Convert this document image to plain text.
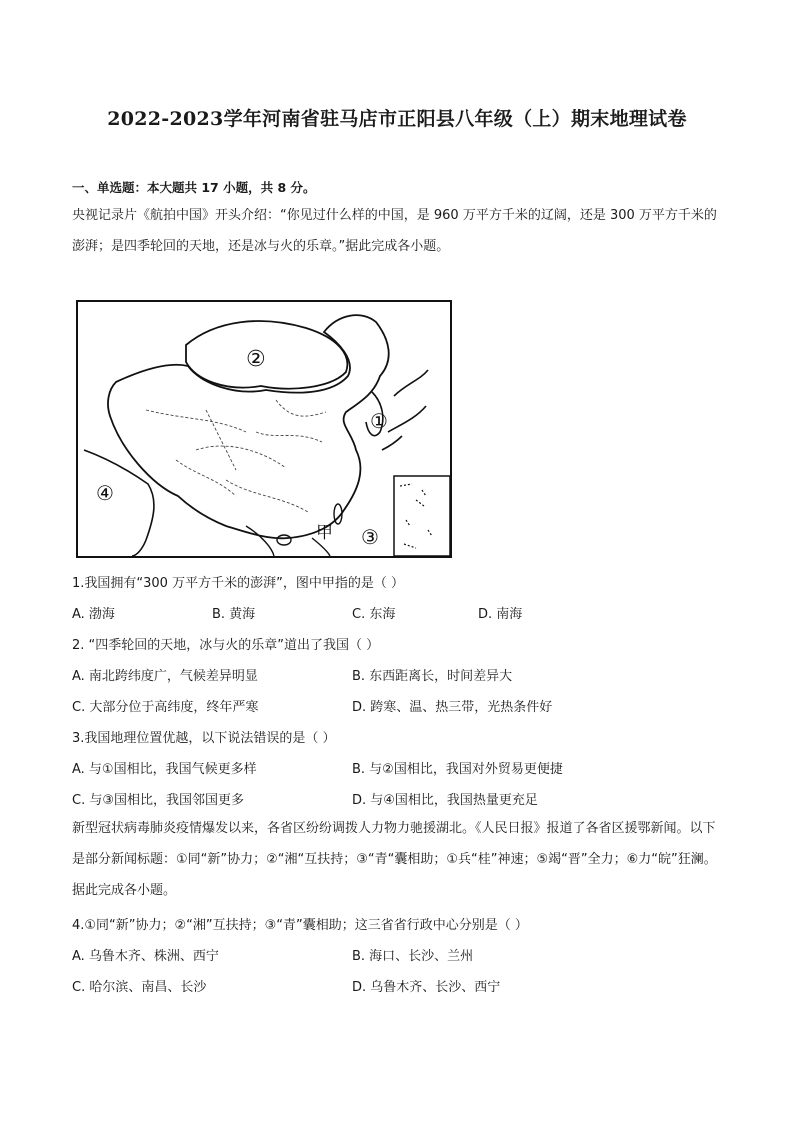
2022-2023学年河南省驻马店市正阳县八年级（上）期末地理试卷
一、单选题：本大题共 17 小题，共 8 分。
央视记录片《航拍中国》开头介绍：“你见过什么样的中国，是 960 万平方千米的辽阔，还是 300 万平方千米的澎湃；是四季轮回的天地，还是冰与火的乐章。”据此完成各小题。
②
①
④
③
甲
1.我国拥有“300 万平方千米的澎湃”，图中甲指的是（ ）
A. 渤海	B. 黄海	C. 东海	D. 南海
2. “四季轮回的天地，冰与火的乐章”道出了我国（ ）
A. 南北跨纬度广，气候差异明显	B. 东西距离长，时间差异大
C. 大部分位于高纬度，终年严寒	D. 跨寒、温、热三带，光热条件好
3.我国地理位置优越，以下说法错误的是（ ）
A. 与①国相比，我国气候更多样	B. 与②国相比，我国对外贸易更便捷
C. 与③国相比，我国邻国更多	D. 与④国相比，我国热量更充足
新型冠状病毒肺炎疫情爆发以来，各省区纷纷调拨人力物力驰援湖北。《人民日报》报道了各省区援鄂新闻。以下是部分新闻标题：①同“新”协力；②“湘“互扶持；③“青“囊相助；①兵“桂”神速；⑤竭“晋”全力；⑥力“皖”狂澜。据此完成各小题。
4.①同“新”协力；②“湘”互扶持；③“青”囊相助；这三省省行政中心分别是（ ）
A. 乌鲁木齐、株洲、西宁	B. 海口、长沙、兰州
C. 哈尔滨、南昌、长沙	D. 乌鲁木齐、长沙、西宁
